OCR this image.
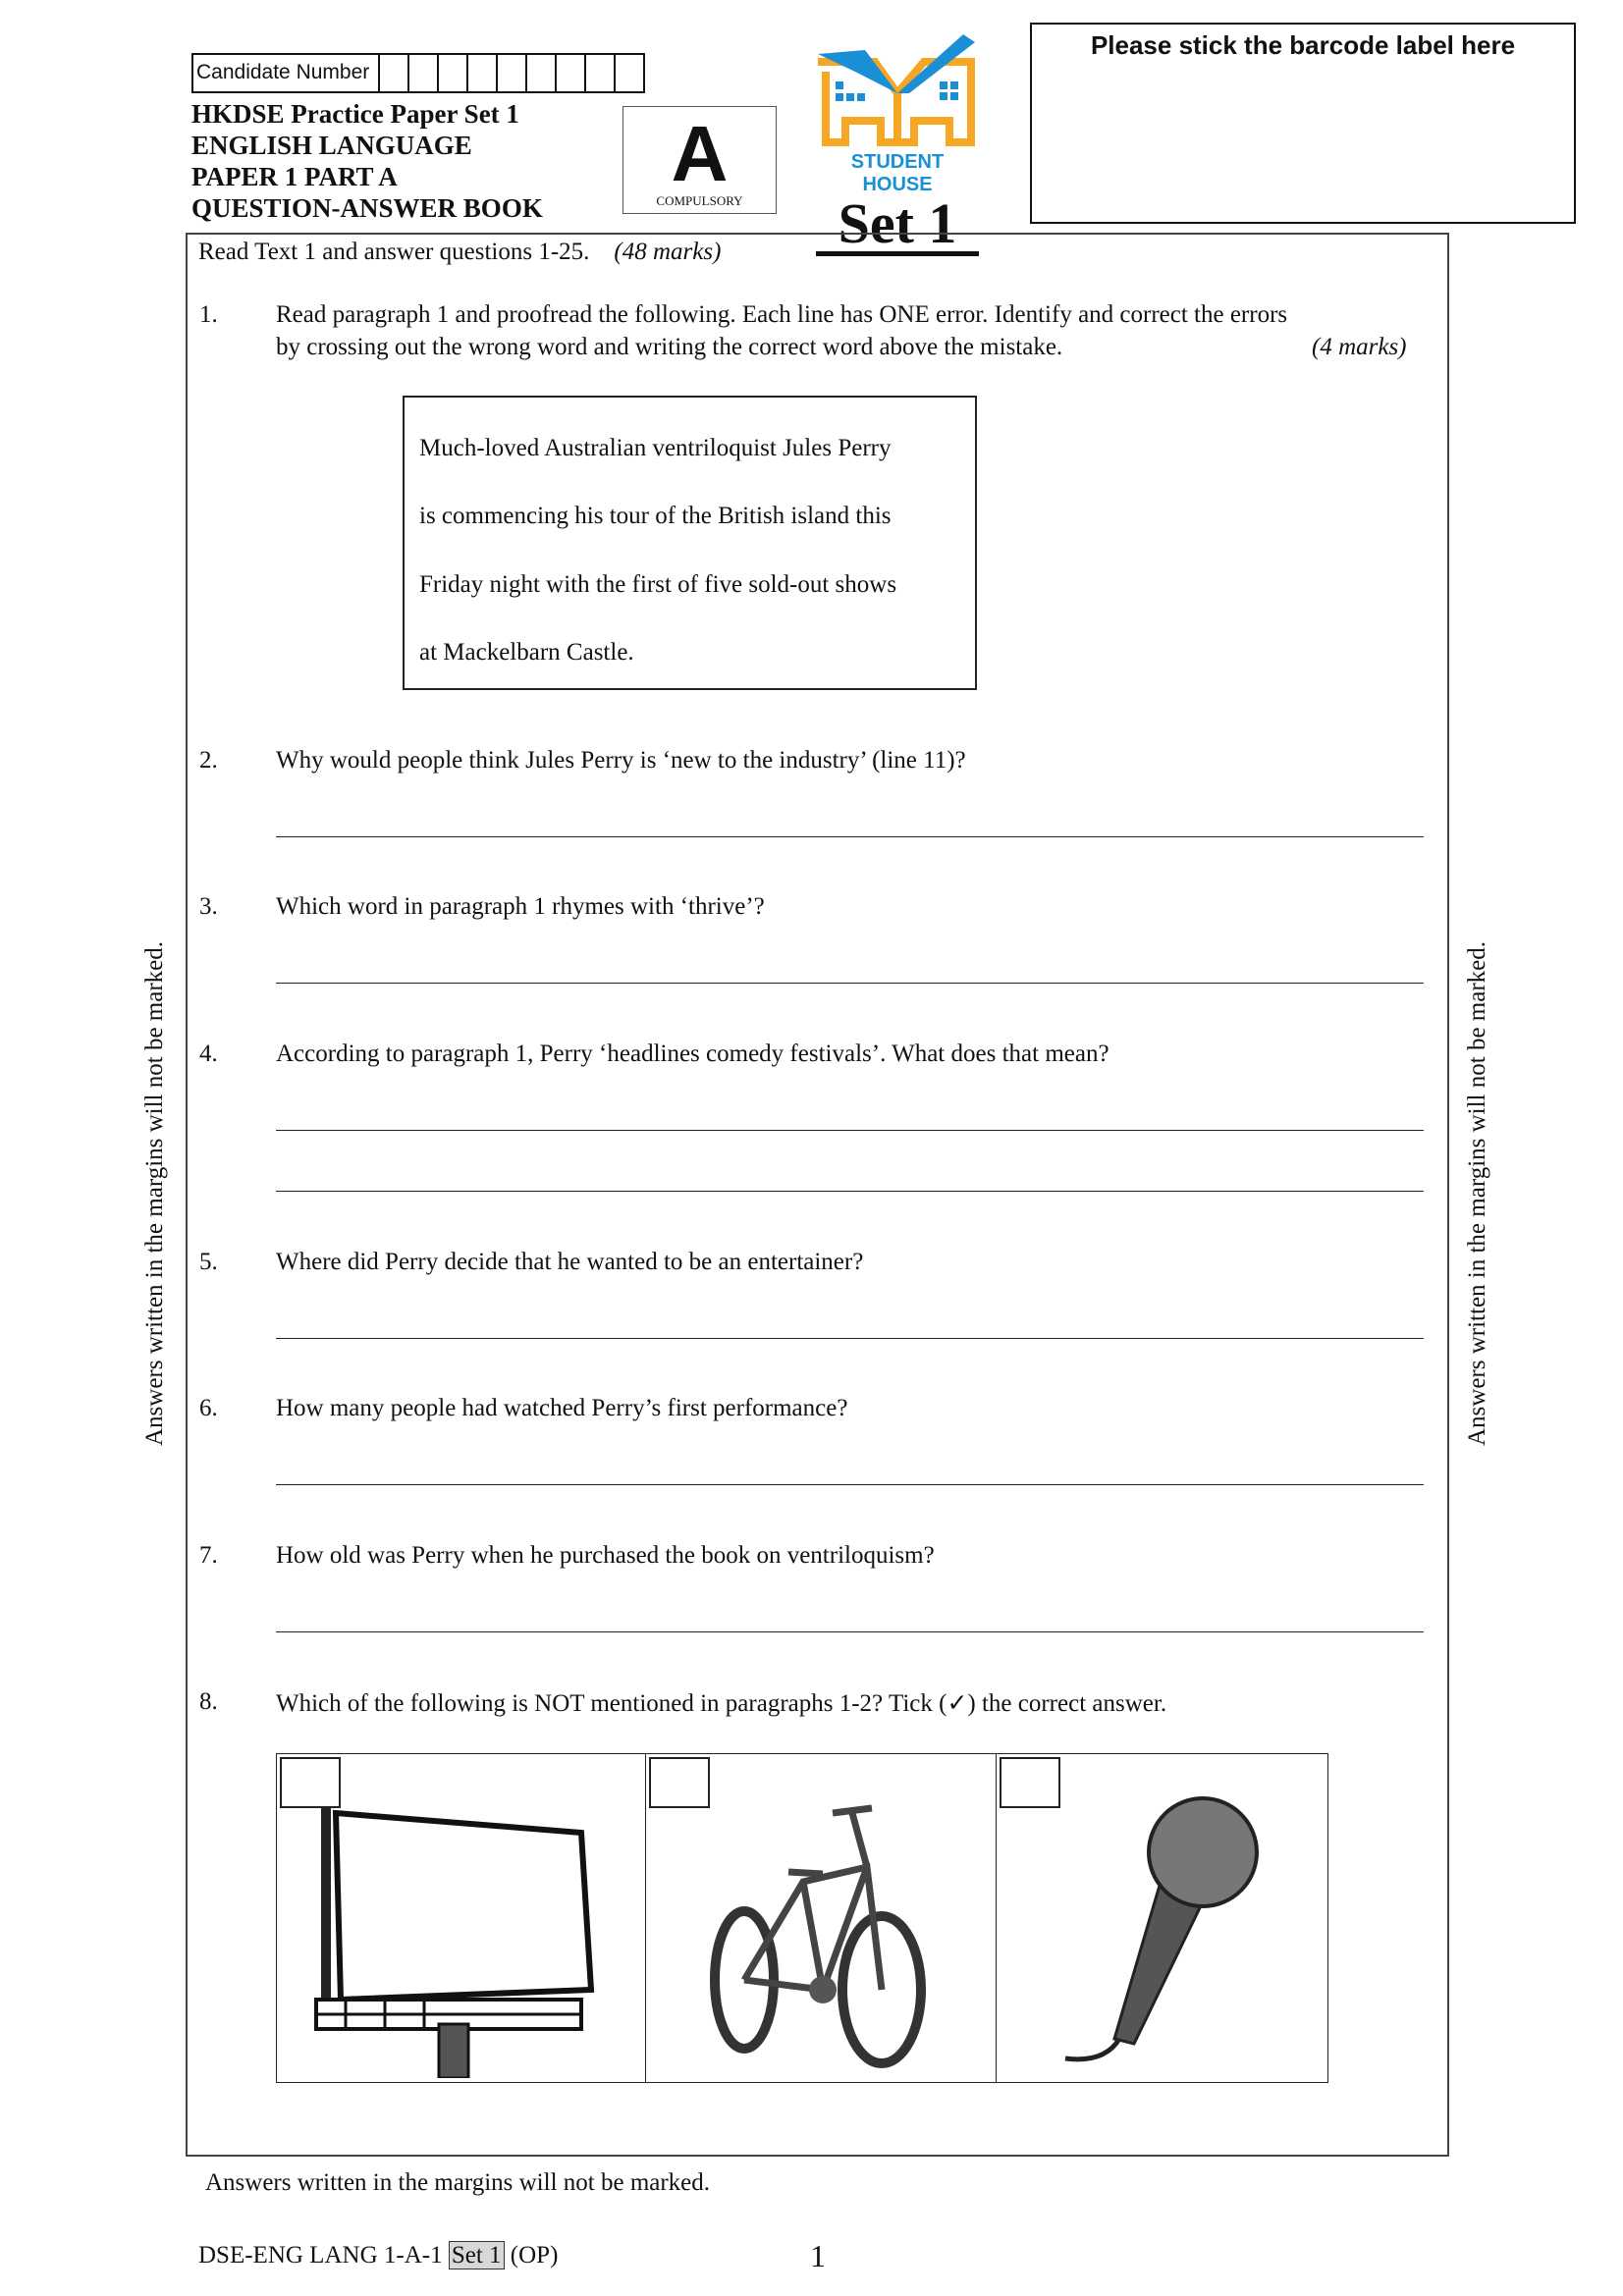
Candidate Number
HKDSE Practice Paper Set 1
ENGLISH LANGUAGE
PAPER 1 PART A
QUESTION-ANSWER BOOK
A
COMPULSORY
STUDENT HOUSE
Set 1
Please stick the barcode label here
Answers written in the margins will not be marked.	Answers written in the margins will not be marked.
Read Text 1 and answer questions 1-25. (48 marks)
1. Read paragraph 1 and proofread the following. Each line has ONE error. Identify and correct the errors
by crossing out the wrong word and writing the correct word above the mistake.	(4 marks)
Much-loved Australian ventriloquist Jules Perry
is commencing his tour of the British island this
Friday night with the first of five sold-out shows
at Mackelbarn Castle.
2. Why would people think Jules Perry is ‘new to the industry’ (line 11)?
3. Which word in paragraph 1 rhymes with ‘thrive’?
4. According to paragraph 1, Perry ‘headlines comedy festivals’. What does that mean?
5. Where did Perry decide that he wanted to be an entertainer?
6. How many people had watched Perry’s first performance?
7. How old was Perry when he purchased the book on ventriloquism?
8. Which of the following is NOT mentioned in paragraphs 1-2? Tick (✓) the correct answer.
Answers written in the margins will not be marked.
DSE-ENG LANG 1-A-1 Set 1 (OP)	1
